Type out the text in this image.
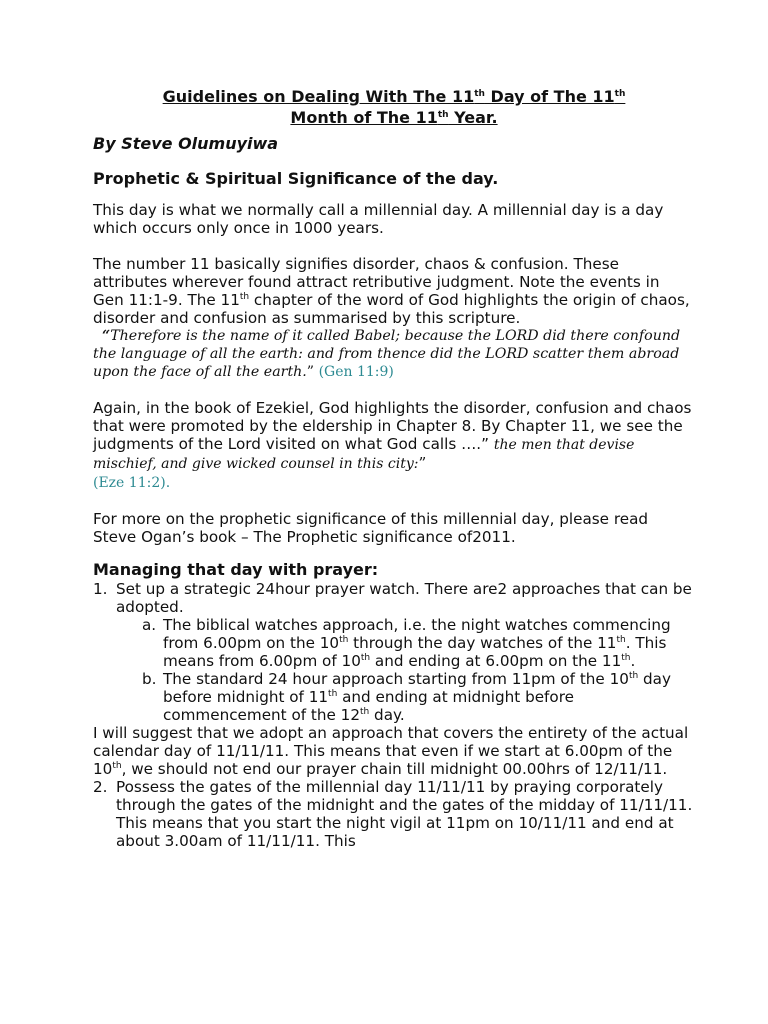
Guidelines on Dealing With The 11th Day of The 11th
Month of The 11th Year.

By Steve Olumuyiwa

Prophetic & Spiritual Significance of the day.

This day is what we normally call a millennial day. A millennial day is a day which occurs only once in 1000 years.

The number 11 basically signifies disorder, chaos & confusion. These attributes wherever found attract retributive judgment. Note the events in Gen 11:1-9. The 11th chapter of the word of God highlights the origin of chaos, disorder and confusion as summarised by this scripture.

“Therefore is the name of it called Babel; because the LORD did there confound the language of all the earth: and from thence did the LORD scatter them abroad upon the face of all the earth.” (Gen 11:9)

Again, in the book of Ezekiel, God highlights the disorder, confusion and chaos that were promoted by the eldership in Chapter 8. By Chapter 11, we see the judgments of the Lord visited on what God calls ….” the men that devise mischief, and give wicked counsel in this city:”
(Eze 11:2).

For more on the prophetic significance of this millennial day, please read Steve Ogan’s book – The Prophetic significance of2011.

Managing that day with prayer:

1. Set up a strategic 24hour prayer watch. There are2 approaches that can be adopted.
a. The biblical watches approach, i.e. the night watches commencing from 6.00pm on the 10th through the day watches of the 11th. This means from 6.00pm of 10th and ending at 6.00pm on the 11th.
b. The standard 24 hour approach starting from 11pm of the 10th day before midnight of 11th and ending at midnight before commencement of the 12th day.

I will suggest that we adopt an approach that covers the entirety of the actual calendar day of 11/11/11. This means that even if we start at 6.00pm of the 10th, we should not end our prayer chain till midnight 00.00hrs of 12/11/11.

2. Possess the gates of the millennial day 11/11/11 by praying corporately through the gates of the midnight and the gates of the midday of 11/11/11. This means that you start the night vigil at 11pm on 10/11/11 and end at about 3.00am of 11/11/11. This
